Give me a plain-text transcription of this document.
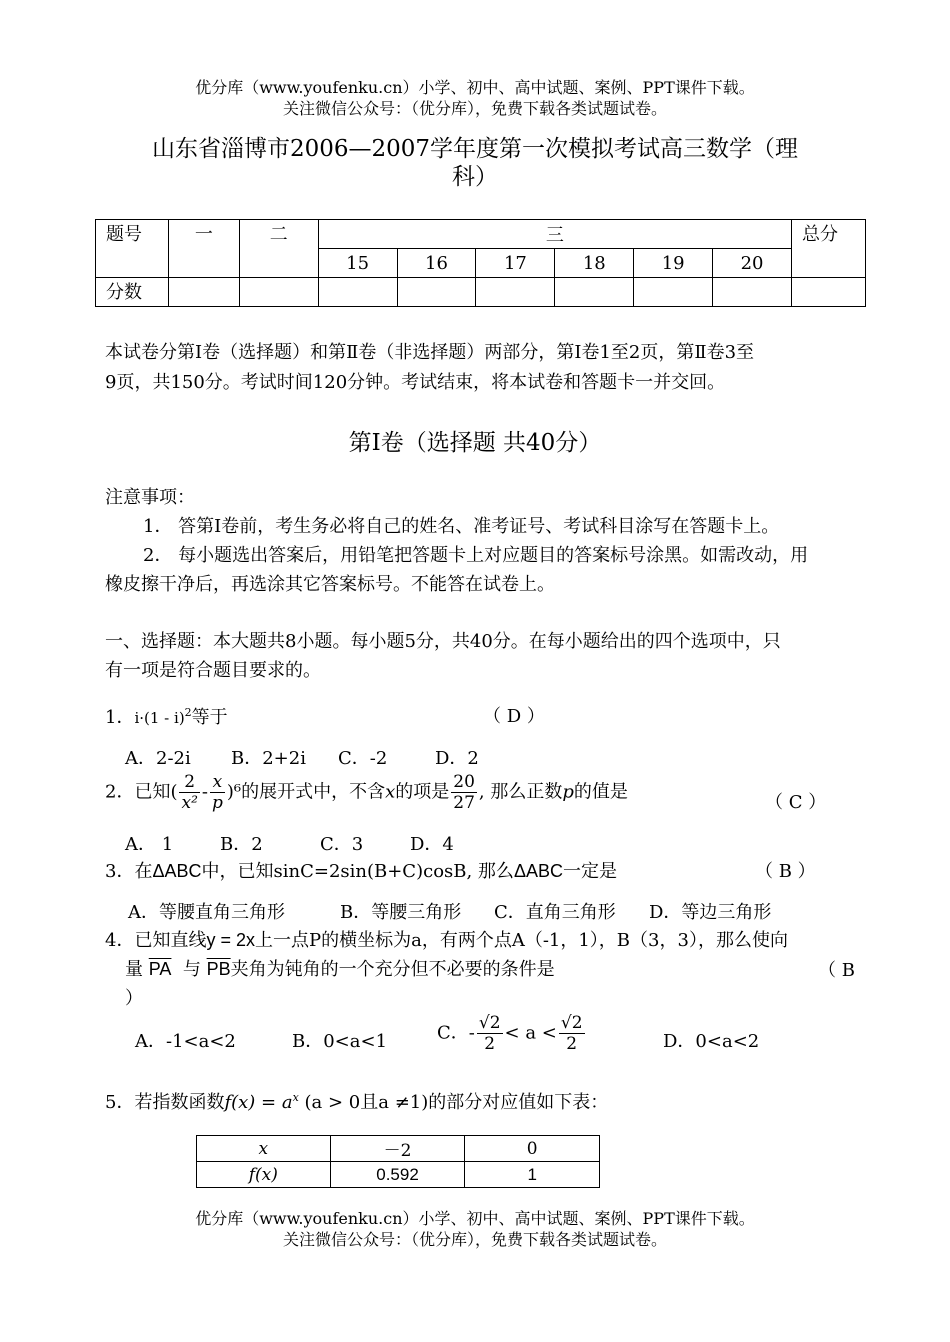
优分库（www.youfenku.cn）小学、初中、高中试题、案例、PPT课件下载。
关注微信公众号：（优分库），免费下载各类试题试卷。
山东省淄博市2006—2007学年度第一次模拟考试高三数学（理
科）
题号	一	二	三						总分
			15	16	17	18	19	20	
分数									
本试卷分第Ⅰ卷（选择题）和第Ⅱ卷（非选择题）两部分，第Ⅰ卷1至2页，第Ⅱ卷3至
9页，共150分。考试时间120分钟。考试结束，将本试卷和答题卡一并交回。
第Ⅰ卷（选择题 共40分）
注意事项：
1． 答第Ⅰ卷前，考生务必将自己的姓名、准考证号、考试科目涂写在答题卡上。
2． 每小题选出答案后，用铅笔把答题卡上对应题目的答案标号涂黑。如需改动，用
橡皮擦干净后，再选涂其它答案标号。不能答在试卷上。
一、选择题：本大题共8小题。每小题5分，共40分。在每小题给出的四个选项中，只
有一项是符合题目要求的。
1．i·(1 - i)$^2$等于	（ D ）
A．2-2i B．2+2i C．-2	D．2
2．已知( $\frac{2}{\text{x²}} - \frac{x}{p} )^6$的展开式中，不含x的项是 $\frac{20}{27}$ , 那么正数p的值是	（ C ）
A． 1	B．2	C．3	D．4
3．在ΔABC中，已知sinC=2sin(B+C)cosB, 那么ΔABC一定是	（ B ）
A．等腰直角三角形	B．等腰三角形 C．直角三角形 D．等边三角形
4．已知直线y = 2x上一点P的横坐标为a，有两个点A（-1，1），B（3，3），那么使向
量 $\overline{PA}$ 与 $\overline{PB}$夹角为钝角的一个充分但不必要的条件是	（ B
）
A．-1<a<2	B．0<a<1	C．- $\frac{√2}{2} < a < \frac{√2}{2}$	D．0<a<2
5．若指数函数$f(x) = a^x$ (a > 0且a ≠1)的部分对应值如下表：
x	－2	0
f(x)	0.592	1
优分库（www.youfenku.cn）小学、初中、高中试题、案例、PPT课件下载。
关注微信公众号：（优分库），免费下载各类试题试卷。
